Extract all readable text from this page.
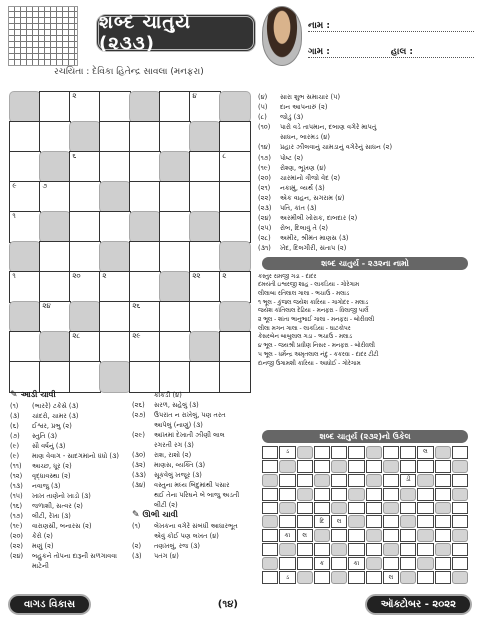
શબ્દ ચાતુર્ય (૨૩૩)
રચયિતા : દેવિકા હિતેન્દ્ર સાવલા (મનફરા)
નામ :
ગામ :	હાલ :
૨	૪
૬	૮
૯	૭
૧
૧	૨૦	૨	૨૨	૨
૨૪	૨૬
૨૮	૨૯
(૪)	સારા શુભ સમાચાર (૫)
(૫)	દાન આપનારું (૨)
(૮)	જોડું (૩)
(૧૦)	પારો વડે તાપમાન, દબાણ વગેરે માપતું
સાધન, બારમડ (૪)
(૧૪)	પ્રહાર ઝીલવાનું ચામડાનું વગેરેનું સાધન (૨)
(૧૭)	પોષ્ટ (૨)
(૧૯)	રોશ્ણ, ભૂખણ (૪)
(૨૦)	ચારમાંનો ત્રીજો વેદ (૨)
(૨૧)	નકામું, વ્યર્થ (૩)
(૨૨)	એક વાહન, સગરામ (૪)
(૨૩)	પતિ, કાંત (૩)
(૨૪)	અરમીલી ખોરાક, દાબદાર (૨)
(૨૫)	રોબ, દિલાવું તે (૨)
(૨૮)	અમીર, શ્રીમંત માણસ (૩)
(૩૧)	ખેદ, દિલગીરી, સંતાપ (૨)
શબ્દ ચાતુર્ય - ૨૩૨ના નામો
કસ્તુર રામજી ગડા - દાદર
દમયંતી ઇશ્વરજી શાહ - લાકડિયા - ગોરેગામ
લીલાબા રતિલાલ ગાલા - ભચાઉ - મલાડ
૧ ભૂલ - કુંજલ જયેશ કારિયા - ગાગોદર - મલાડ
જયેશ કાંતિલાલ દેઢિયા - મનફરા - વિલાજી પાર્લે
૨ ભૂલ - શાંતા ભાનુભાઈ ગાલા - મનફરા - બોરીવલી
લીલા મગન ગાલા - લાકડિયા - ઘાટકોપર
કેસરબેન બાબુલાલ ગડા - ભચાઉ - મલાડ
૪ ભૂલ - જયશ્રી પ્રવીણ નિસર - મનફરા - બોરીવલી
૫ ભૂલ - ધર્મેન્દ્ર અમૃતલાલ નંદુ - કકરવા - દાદર ટીટી
દાનજી ઉગામશી કારિયા - આધોઈ - ગોરેગામ
શબ્દ ચાતુર્ય (૨૩૨)નો ઉકેલ
ડ	લ
ડી
દિ	લ
કા	લ
ક	કા
ડ	લ
✎ આડી ચાવી
(૧)	(ભારરે) ટકેસે (૩)
(૩)	ચાંદરો, ચામર (૩)
(૬)	ઈશ્વર, પ્રભુ (૨)
(૭)	સ્તુતિ (૩)
(૯)	સૌ વર્ષનું (૩)
(૯)	માણ વેવાગ - સાદગમાંનો ધંધો (૩)
(૧૧)	આચ્છ, ધૂર (૨)
(૧૨)	વૃદ્ધાવસ્થા (૨)
(૧૩)	નવાજુ (૩)
(૧૫)	ખાખ તાણેનો ખાડો (૩)
(૧૬)	જળાશી, સત્વર (૨)
(૧૭)	લીટી, રેખા (૩)
(૧૯)	વારાણસી, બનારસ (૨)
(૨૦)	કેરો (૨)
(૨૨)	મણું (૨)
(૨૪)	બહુકને તોપના દારૂની સળગાવવા માટેની
કાકડી (૪)
(૨૬)	સરળ, સહેલું (૩)
(૨૭)	ઉપરાંત ન રાખેલું, પણ તરત
આપેલું (નાણું) (૩)
(૨૯)	આંખમાં દેખાતી ઝીણી લાલ
રગરતી રગ (૩)
(૩૦)	રાશ, રાશો (૨)
(૩૨)	માણસ, વ્યક્તિ (૩)
(૩૩)	સૂકવેલું ખજૂર (૩)
(૩૪)	વસ્તુના મધ્ય બિંદુમાંથી પસાર
થઈ તેના પરિઘને બે બાજુ અડતી
લીટી (૨)
✎ ઊભી ચાવી
(૧)	લેખકના વગેરે સંબંધી આધારભૂત
એવું કોઈ પણ લખત (૪)
(૨)	તણખલું, રજ (૩)
(૩)	પતંગ (૪)
વાગડ વિકાસ	(૧૪)	ઑક્ટોબર - ૨૦૨૨
